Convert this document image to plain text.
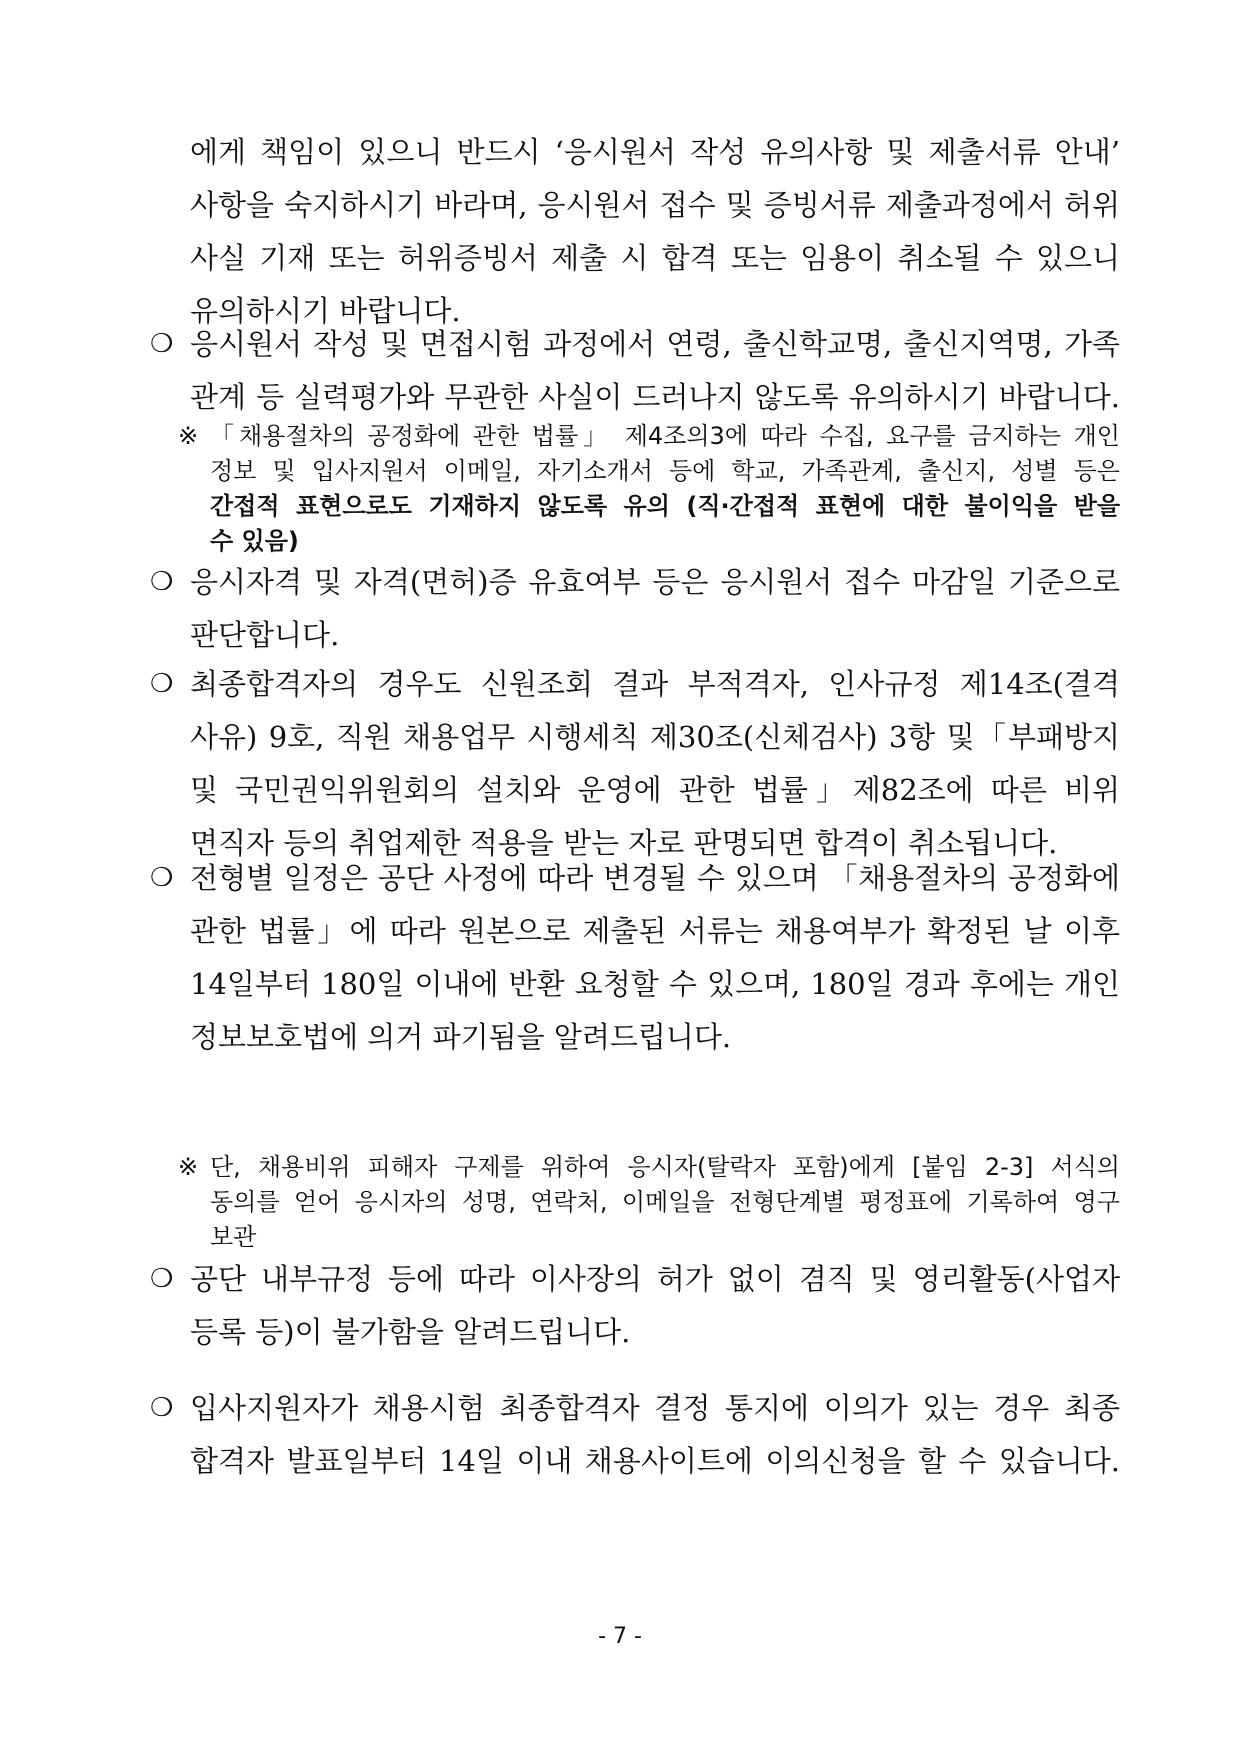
에게 책임이 있으니 반드시 ‘응시원서 작성 유의사항 및 제출서류 안내’
사항을 숙지하시기 바라며, 응시원서 접수 및 증빙서류 제출과정에서 허위
사실 기재 또는 허위증빙서 제출 시 합격 또는 임용이 취소될 수 있으니
유의하시기 바랍니다.
❍ 응시원서 작성 및 면접시험 과정에서 연령, 출신학교명, 출신지역명, 가족
관계 등 실력평가와 무관한 사실이 드러나지 않도록 유의하시기 바랍니다.
※ 「채용절차의 공정화에 관한 법률」 제4조의3에 따라 수집, 요구를 금지하는 개인
정보 및 입사지원서 이메일, 자기소개서 등에 학교, 가족관계, 출신지, 성별 등은
간접적 표현으로도 기재하지 않도록 유의 (직·간접적 표현에 대한 불이익을 받을
수 있음)
❍ 응시자격 및 자격(면허)증 유효여부 등은 응시원서 접수 마감일 기준으로
판단합니다.
❍ 최종합격자의 경우도 신원조회 결과 부적격자, 인사규정 제14조(결격
사유) 9호, 직원 채용업무 시행세칙 제30조(신체검사) 3항 및「부패방지
및 국민권익위원회의 설치와 운영에 관한 법률」제82조에 따른 비위
면직자 등의 취업제한 적용을 받는 자로 판명되면 합격이 취소됩니다.
❍ 전형별 일정은 공단 사정에 따라 변경될 수 있으며 「채용절차의 공정화에
관한 법률」에 따라 원본으로 제출된 서류는 채용여부가 확정된 날 이후
14일부터 180일 이내에 반환 요청할 수 있으며, 180일 경과 후에는 개인
정보보호법에 의거 파기됨을 알려드립니다.
※ 단, 채용비위 피해자 구제를 위하여 응시자(탈락자 포함)에게 [붙임 2-3] 서식의
동의를 얻어 응시자의 성명, 연락처, 이메일을 전형단계별 평정표에 기록하여 영구
보관
❍ 공단 내부규정 등에 따라 이사장의 허가 없이 겸직 및 영리활동(사업자
등록 등)이 불가함을 알려드립니다.
❍ 입사지원자가 채용시험 최종합격자 결정 통지에 이의가 있는 경우 최종
합격자 발표일부터 14일 이내 채용사이트에 이의신청을 할 수 있습니다.
- 7 -
